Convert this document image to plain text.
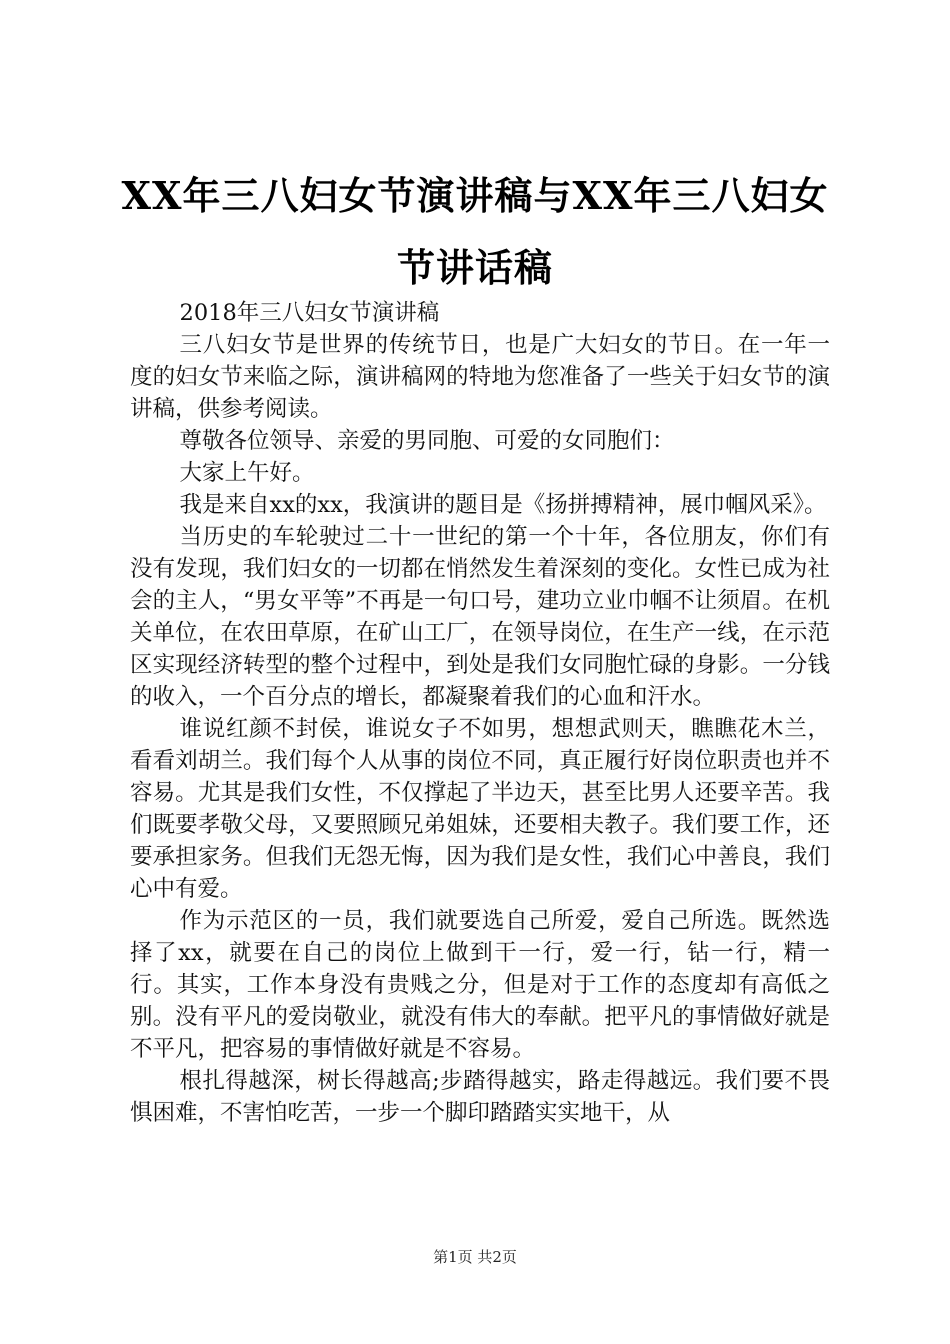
XX年三八妇女节演讲稿与XX年三八妇女节讲话稿

2018年三八妇女节演讲稿

三八妇女节是世界的传统节日，也是广大妇女的节日。在一年一度的妇女节来临之际，演讲稿网的特地为您准备了一些关于妇女节的演讲稿，供参考阅读。

尊敬各位领导、亲爱的男同胞、可爱的女同胞们：

大家上午好。

我是来自xx的xx，我演讲的题目是《扬拼搏精神，展巾帼风采》。

当历史的车轮驶过二十一世纪的第一个十年，各位朋友，你们有没有发现，我们妇女的一切都在悄然发生着深刻的变化。女性已成为社会的主人，“男女平等”不再是一句口号，建功立业巾帼不让须眉。在机关单位，在农田草原，在矿山工厂，在领导岗位，在生产一线，在示范区实现经济转型的整个过程中，到处是我们女同胞忙碌的身影。一分钱的收入，一个百分点的增长，都凝聚着我们的心血和汗水。

谁说红颜不封侯，谁说女子不如男，想想武则天，瞧瞧花木兰，看看刘胡兰。我们每个人从事的岗位不同，真正履行好岗位职责也并不容易。尤其是我们女性，不仅撑起了半边天，甚至比男人还要辛苦。我们既要孝敬父母，又要照顾兄弟姐妹，还要相夫教子。我们要工作，还要承担家务。但我们无怨无悔，因为我们是女性，我们心中善良，我们心中有爱。

作为示范区的一员，我们就要选自己所爱，爱自己所选。既然选择了xx，就要在自己的岗位上做到干一行，爱一行，钻一行，精一行。其实，工作本身没有贵贱之分，但是对于工作的态度却有高低之别。没有平凡的爱岗敬业，就没有伟大的奉献。把平凡的事情做好就是不平凡，把容易的事情做好就是不容易。

根扎得越深，树长得越高;步踏得越实，路走得越远。我们要不畏惧困难，不害怕吃苦，一步一个脚印踏踏实实地干，从

第1页 共2页
